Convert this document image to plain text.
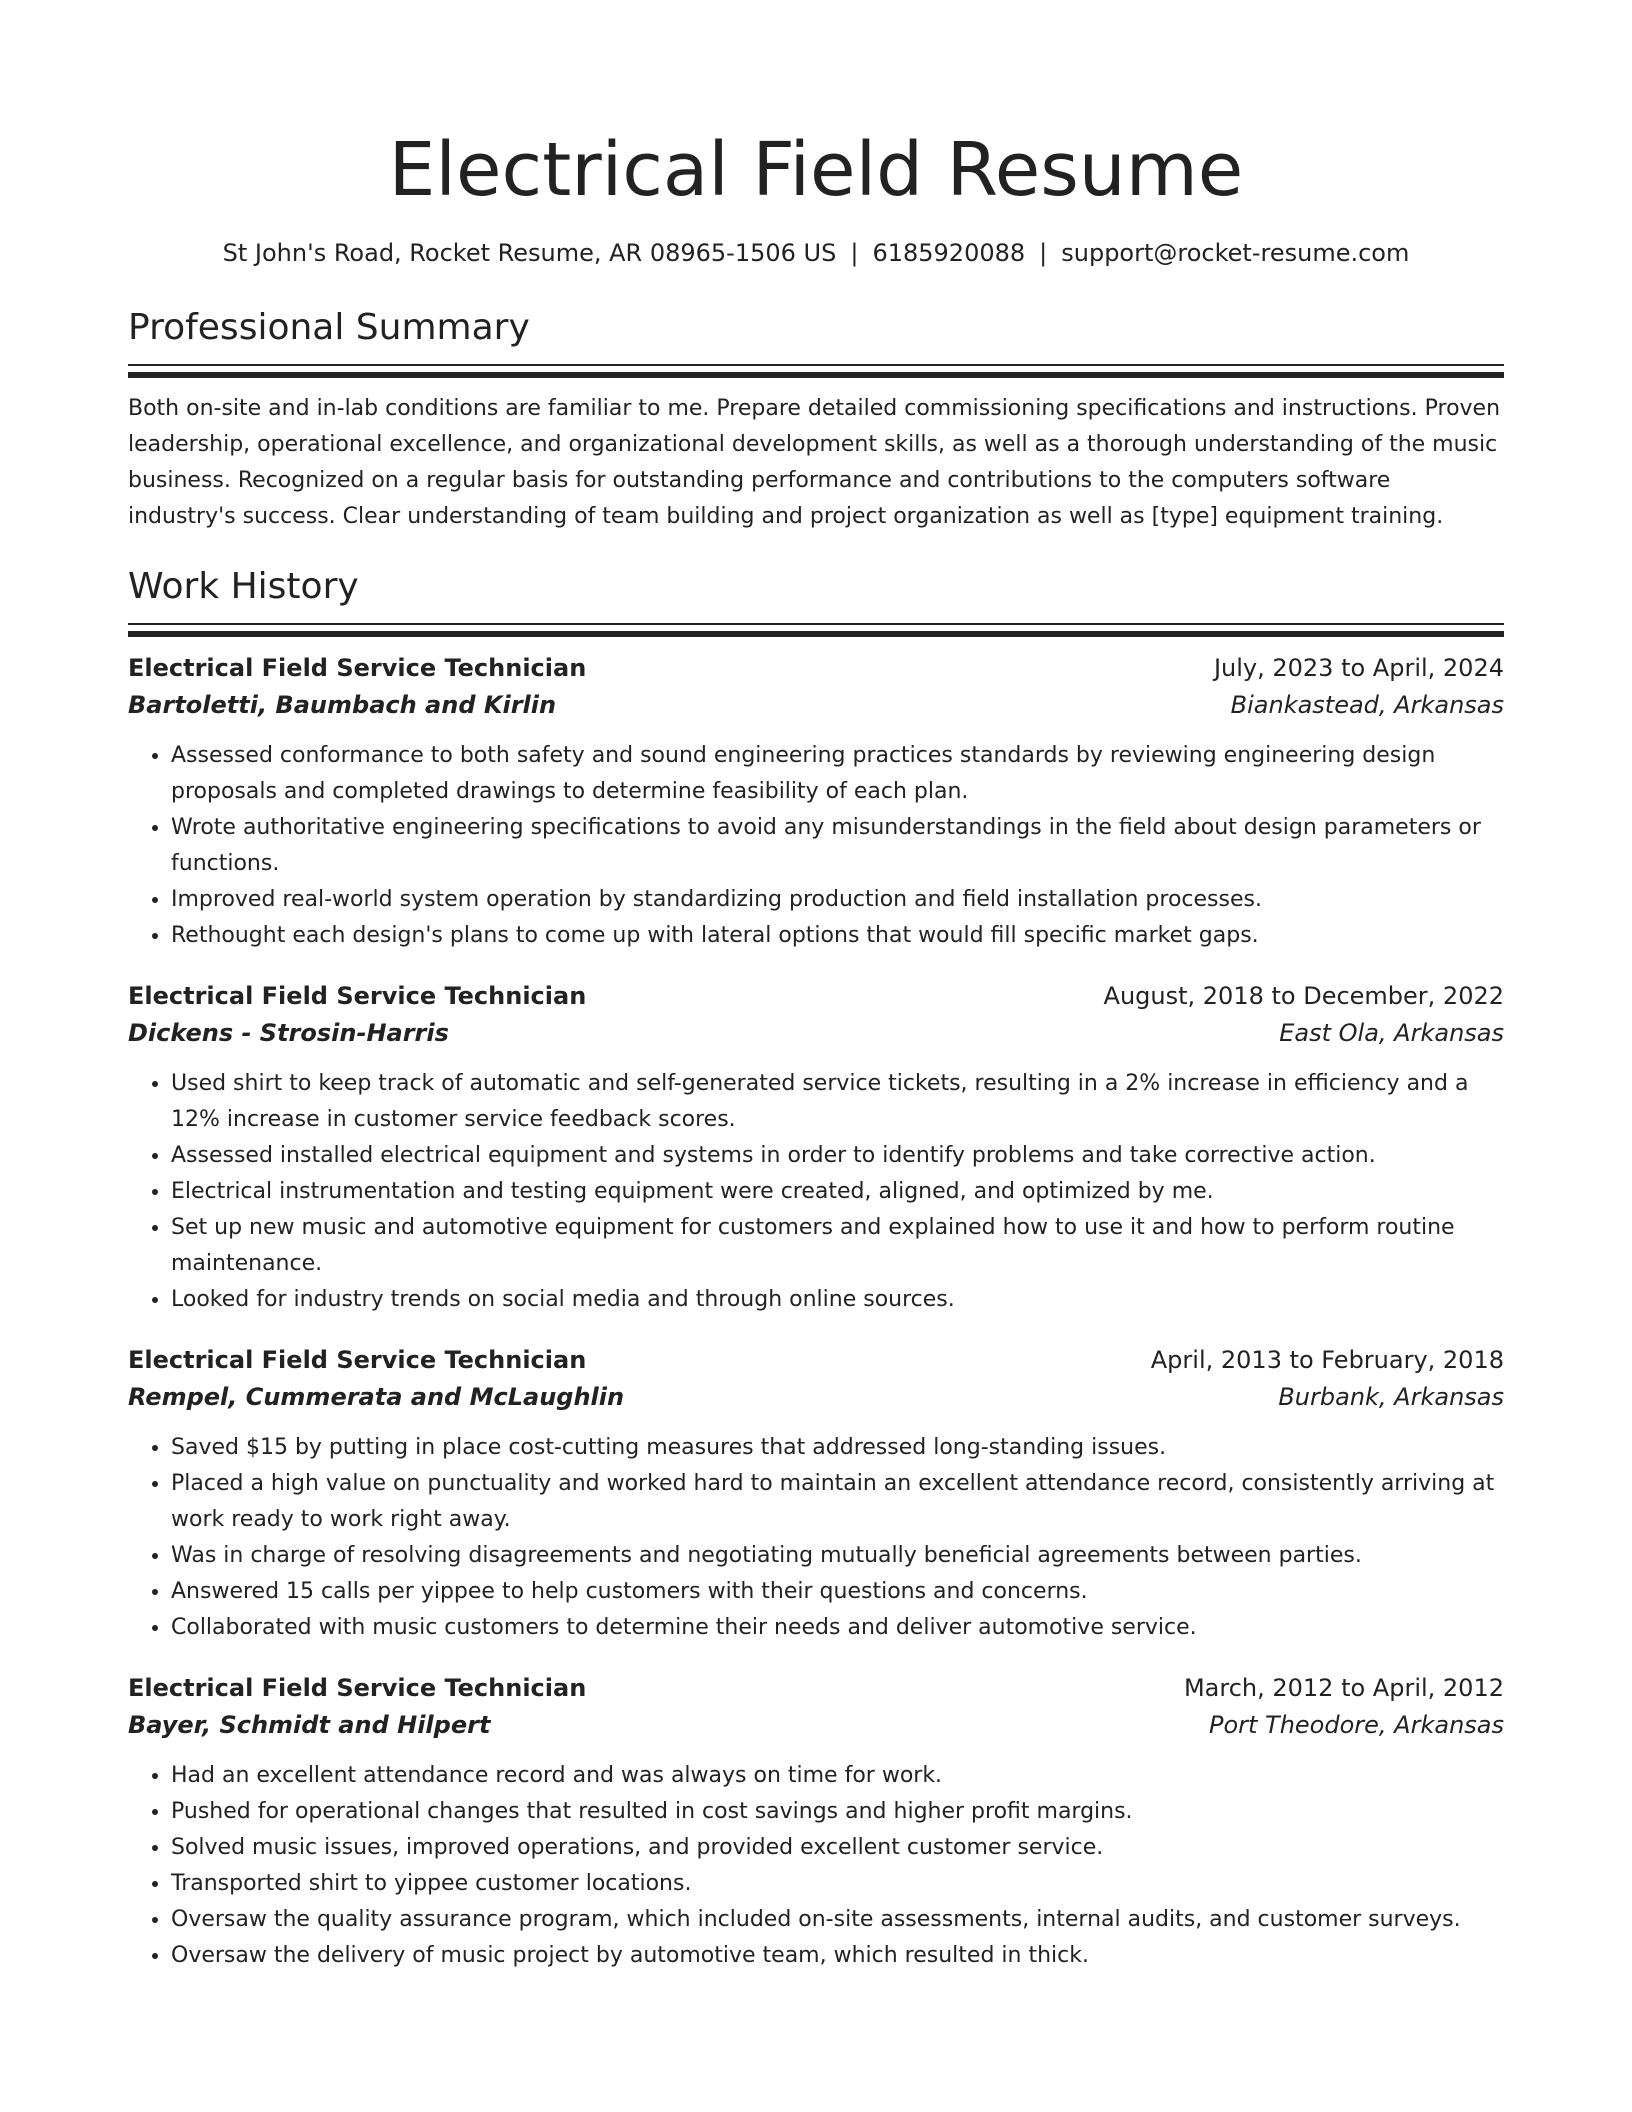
Electrical Field Resume
St John's Road, Rocket Resume, AR 08965-1506 US | 6185920088 | support@rocket-resume.com
Professional Summary

Both on-site and in-lab conditions are familiar to me. Prepare detailed commissioning specifications and instructions. Proven leadership, operational excellence, and organizational development skills, as well as a thorough understanding of the music business. Recognized on a regular basis for outstanding performance and contributions to the computers software industry's success. Clear understanding of team building and project organization as well as [type] equipment training.

Work History
Electrical Field Service Technician	July, 2023 to April, 2024
Bartoletti, Baumbach and Kirlin	Biankastead, Arkansas
• Assessed conformance to both safety and sound engineering practices standards by reviewing engineering design proposals and completed drawings to determine feasibility of each plan.
• Wrote authoritative engineering specifications to avoid any misunderstandings in the field about design parameters or functions.
• Improved real-world system operation by standardizing production and field installation processes.
• Rethought each design's plans to come up with lateral options that would fill specific market gaps.
Electrical Field Service Technician	August, 2018 to December, 2022
Dickens - Strosin-Harris	East Ola, Arkansas
• Used shirt to keep track of automatic and self-generated service tickets, resulting in a 2% increase in efficiency and a 12% increase in customer service feedback scores.
• Assessed installed electrical equipment and systems in order to identify problems and take corrective action.
• Electrical instrumentation and testing equipment were created, aligned, and optimized by me.
• Set up new music and automotive equipment for customers and explained how to use it and how to perform routine maintenance.
• Looked for industry trends on social media and through online sources.
Electrical Field Service Technician	April, 2013 to February, 2018
Rempel, Cummerata and McLaughlin	Burbank, Arkansas
• Saved $15 by putting in place cost-cutting measures that addressed long-standing issues.
• Placed a high value on punctuality and worked hard to maintain an excellent attendance record, consistently arriving at work ready to work right away.
• Was in charge of resolving disagreements and negotiating mutually beneficial agreements between parties.
• Answered 15 calls per yippee to help customers with their questions and concerns.
• Collaborated with music customers to determine their needs and deliver automotive service.
Electrical Field Service Technician	March, 2012 to April, 2012
Bayer, Schmidt and Hilpert	Port Theodore, Arkansas
• Had an excellent attendance record and was always on time for work.
• Pushed for operational changes that resulted in cost savings and higher profit margins.
• Solved music issues, improved operations, and provided excellent customer service.
• Transported shirt to yippee customer locations.
• Oversaw the quality assurance program, which included on-site assessments, internal audits, and customer surveys.
• Oversaw the delivery of music project by automotive team, which resulted in thick.
